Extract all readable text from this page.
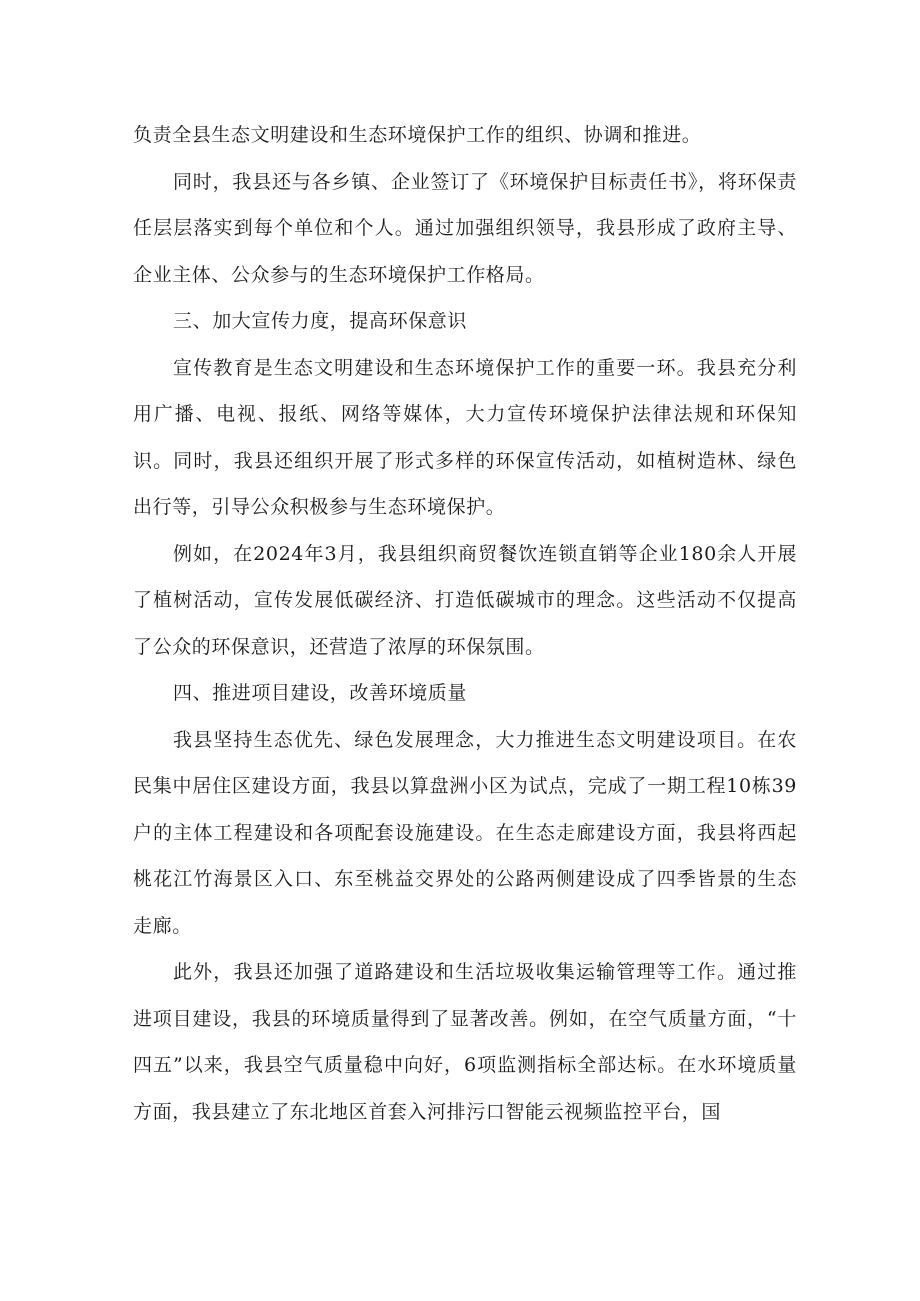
负责全县生态文明建设和生态环境保护工作的组织、协调和推进。

同时，我县还与各乡镇、企业签订了《环境保护目标责任书》，将环保责任层层落实到每个单位和个人。通过加强组织领导，我县形成了政府主导、企业主体、公众参与的生态环境保护工作格局。

三、加大宣传力度，提高环保意识

宣传教育是生态文明建设和生态环境保护工作的重要一环。我县充分利用广播、电视、报纸、网络等媒体，大力宣传环境保护法律法规和环保知识。同时，我县还组织开展了形式多样的环保宣传活动，如植树造林、绿色出行等，引导公众积极参与生态环境保护。

例如，在2024年3月，我县组织商贸餐饮连锁直销等企业180余人开展了植树活动，宣传发展低碳经济、打造低碳城市的理念。这些活动不仅提高了公众的环保意识，还营造了浓厚的环保氛围。

四、推进项目建设，改善环境质量

我县坚持生态优先、绿色发展理念，大力推进生态文明建设项目。在农民集中居住区建设方面，我县以算盘洲小区为试点，完成了一期工程10栋39户的主体工程建设和各项配套设施建设。在生态走廊建设方面，我县将西起桃花江竹海景区入口、东至桃益交界处的公路两侧建设成了四季皆景的生态走廊。

此外，我县还加强了道路建设和生活垃圾收集运输管理等工作。通过推进项目建设，我县的环境质量得到了显著改善。例如，在空气质量方面，“十四五”以来，我县空气质量稳中向好，6项监测指标全部达标。在水环境质量方面，我县建立了东北地区首套入河排污口智能云视频监控平台，国
